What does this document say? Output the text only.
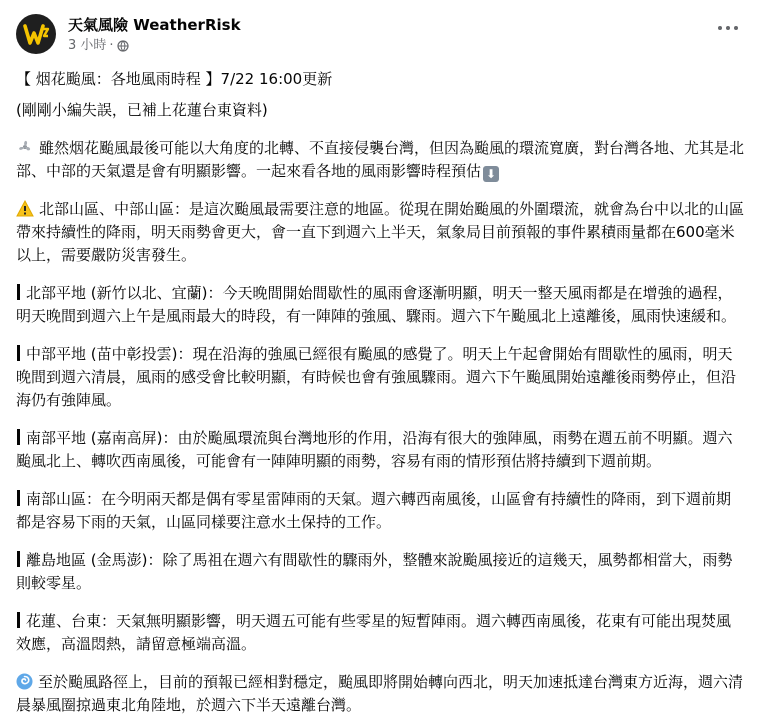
天氣風險 WeatherRisk
3 小時 ·

【 烟花颱風：各地風雨時程 】7/22 16:00更新

(剛剛小編失誤，已補上花蓮台東資料)

雖然烟花颱風最後可能以大角度的北轉、不直接侵襲台灣，但因為颱風的環流寬廣，對台灣各地、尤其是北部、中部的天氣還是會有明顯影響。一起來看各地的風雨影響時程預估 ⬇

北部山區、中部山區：是這次颱風最需要注意的地區。從現在開始颱風的外圍環流，就會為台中以北的山區帶來持續性的降雨，明天雨勢會更大，會一直下到週六上半天，氣象局目前預報的事件累積雨量都在600毫米以上，需要嚴防災害發生。

北部平地 (新竹以北、宜蘭)：今天晚間開始間歇性的風雨會逐漸明顯，明天一整天風雨都是在增強的過程，明天晚間到週六上午是風雨最大的時段，有一陣陣的強風、驟雨。週六下午颱風北上遠離後，風雨快速緩和。

中部平地 (苗中彰投雲)：現在沿海的強風已經很有颱風的感覺了。明天上午起會開始有間歇性的風雨，明天晚間到週六清晨，風雨的感受會比較明顯，有時候也會有強風驟雨。週六下午颱風開始遠離後雨勢停止，但沿海仍有強陣風。

南部平地 (嘉南高屏)：由於颱風環流與台灣地形的作用，沿海有很大的強陣風，雨勢在週五前不明顯。週六颱風北上、轉吹西南風後，可能會有一陣陣明顯的雨勢，容易有雨的情形預估將持續到下週前期。

南部山區：在今明兩天都是偶有零星雷陣雨的天氣。週六轉西南風後，山區會有持續性的降雨，到下週前期都是容易下雨的天氣，山區同樣要注意水土保持的工作。

離島地區 (金馬澎)：除了馬祖在週六有間歇性的驟雨外，整體來說颱風接近的這幾天，風勢都相當大，雨勢則較零星。

花蓮、台東：天氣無明顯影響，明天週五可能有些零星的短暫陣雨。週六轉西南風後，花東有可能出現焚風效應，高溫悶熱，請留意極端高溫。

至於颱風路徑上，目前的預報已經相對穩定，颱風即將開始轉向西北，明天加速抵達台灣東方近海，週六清晨暴風圈掠過東北角陸地，於週六下半天遠離台灣。
